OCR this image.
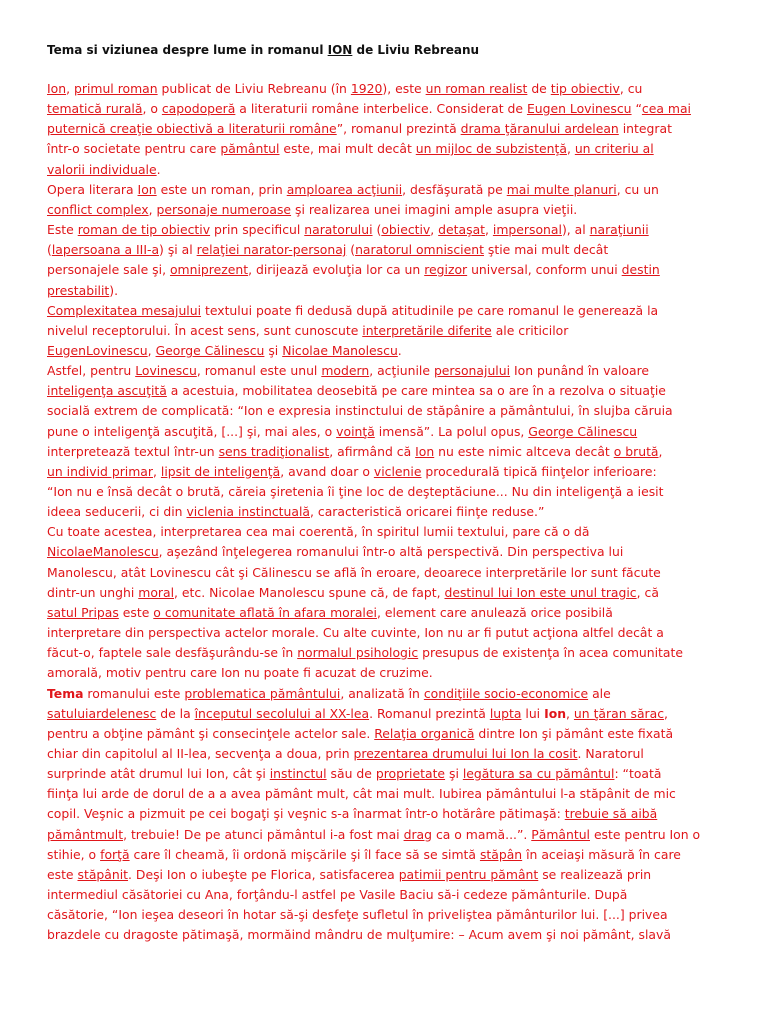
Tema si viziunea despre lume in romanul ION de Liviu Rebreanu
Ion, primul roman publicat de Liviu Rebreanu (în 1920), este un roman realist de tip obiectiv, cu
tematică rurală, o capodoperă a literaturii române interbelice. Considerat de Eugen Lovinescu “cea mai
puternică creaţie obiectivă a literaturii române”, romanul prezintă drama ţăranului ardelean integrat
într-o societate pentru care pământul este, mai mult decât un mijloc de subzistenţă, un criteriu al
valorii individuale.
Opera literara Ion este un roman, prin amploarea acţiunii, desfăşurată pe mai multe planuri, cu un
conflict complex, personaje numeroase şi realizarea unei imagini ample asupra vieţii.
Este roman de tip obiectiv prin specificul naratorului (obiectiv, detaşat, impersonal), al naraţiunii
(lapersoana a III-a) şi al relaţiei narator-personaj (naratorul omniscient ştie mai mult decât
personajele sale şi, omniprezent, dirijează evoluţia lor ca un regizor universal, conform unui destin
prestabilit).
Complexitatea mesajului textului poate fi dedusă după atitudinile pe care romanul le generează la
nivelul receptorului. În acest sens, sunt cunoscute interpretările diferite ale criticilor
EugenLovinescu, George Călinescu şi Nicolae Manolescu.
Astfel, pentru Lovinescu, romanul este unul modern, acţiunile personajului Ion punând în valoare
inteligenţa ascuţită a acestuia, mobilitatea deosebită pe care mintea sa o are în a rezolva o situaţie
socială extrem de complicată: “Ion e expresia instinctului de stăpânire a pământului, în slujba căruia
pune o inteligenţă ascuţită, [...] şi, mai ales, o voinţă imensă”. La polul opus, George Călinescu
interpretează textul într-un sens tradiţionalist, afirmând că Ion nu este nimic altceva decât o brută,
un individ primar, lipsit de inteligenţă, avand doar o viclenie procedurală tipică fiinţelor inferioare:
“Ion nu e însă decât o brută, căreia şiretenia îi ţine loc de deşteptăciune... Nu din inteligenţă a iesit
ideea seducerii, ci din viclenia instinctuală, caracteristică oricarei fiinţe reduse.”
Cu toate acestea, interpretarea cea mai coerentă, în spiritul lumii textului, pare că o dă
NicolaeManolescu, aşezând înţelegerea romanului într-o altă perspectivă. Din perspectiva lui
Manolescu, atât Lovinescu cât şi Călinescu se află în eroare, deoarece interpretările lor sunt făcute
dintr-un unghi moral, etc. Nicolae Manolescu spune că, de fapt, destinul lui Ion este unul tragic, că
satul Pripas este o comunitate aflată în afara moralei, element care anulează orice posibilă
interpretare din perspectiva actelor morale. Cu alte cuvinte, Ion nu ar fi putut acţiona altfel decât a
făcut-o, faptele sale desfăşurându-se în normalul psihologic presupus de existenţa în acea comunitate
amorală, motiv pentru care Ion nu poate fi acuzat de cruzime.
Tema romanului este problematica pământului, analizată în condiţiile socio-economice ale
satuluiardelenesc de la începutul secolului al XX-lea. Romanul prezintă lupta lui Ion, un ţăran sărac,
pentru a obţine pământ şi consecinţele actelor sale. Relaţia organică dintre Ion şi pământ este fixată
chiar din capitolul al II-lea, secvenţa a doua, prin prezentarea drumului lui Ion la cosit. Naratorul
surprinde atât drumul lui Ion, cât şi instinctul său de proprietate şi legătura sa cu pământul: “toată
fiinţa lui arde de dorul de a a avea pământ mult, cât mai mult. Iubirea pământului l-a stăpânit de mic
copil. Veşnic a pizmuit pe cei bogaţi şi veşnic s-a înarmat într-o hotărâre pătimaşă: trebuie să aibă
pământmult, trebuie! De pe atunci pământul i-a fost mai drag ca o mamă...”. Pământul este pentru Ion o
stihie, o forţă care îl cheamă, îi ordonă mişcările şi îl face să se simtă stăpân în aceiaşi măsură în care
este stăpânit. Deşi Ion o iubeşte pe Florica, satisfacerea patimii pentru pământ se realizează prin
intermediul căsătoriei cu Ana, forţându-l astfel pe Vasile Baciu să-i cedeze pământurile. După
căsătorie, “Ion ieşea deseori în hotar să-şi desfeţe sufletul în priveliştea pământurilor lui. [...] privea
brazdele cu dragoste pătimaşă, mormăind mândru de mulţumire: – Acum avem şi noi pământ, slavă
